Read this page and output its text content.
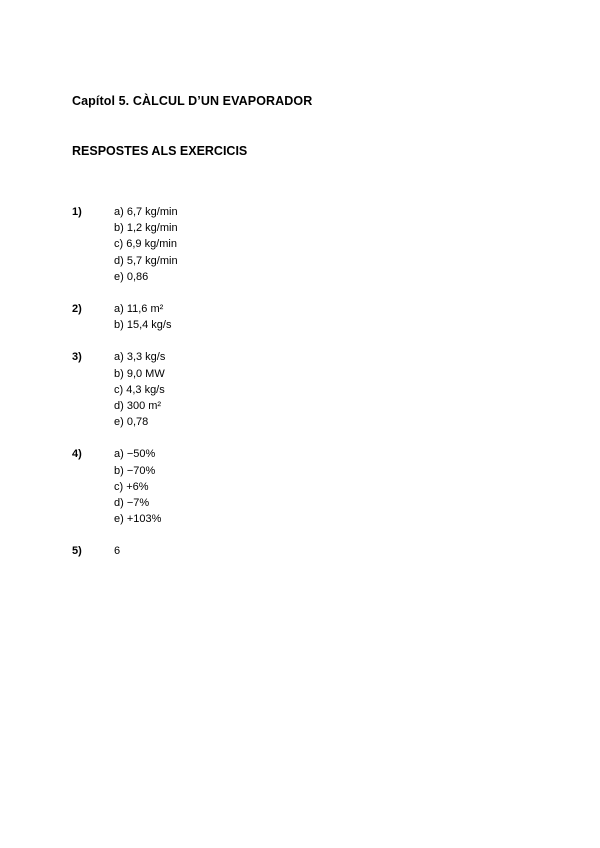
Capítol 5. CÀLCUL D’UN EVAPORADOR
RESPOSTES ALS EXERCICIS
1)	a) 6,7 kg/min
b) 1,2 kg/min
c) 6,9 kg/min
d) 5,7 kg/min
e) 0,86
2)	a) 11,6 m²
b) 15,4 kg/s
3)	a) 3,3 kg/s
b) 9,0 MW
c) 4,3 kg/s
d) 300 m²
e) 0,78
4)	a) −50%
b) −70%
c) +6%
d) −7%
e) +103%
5)	6
